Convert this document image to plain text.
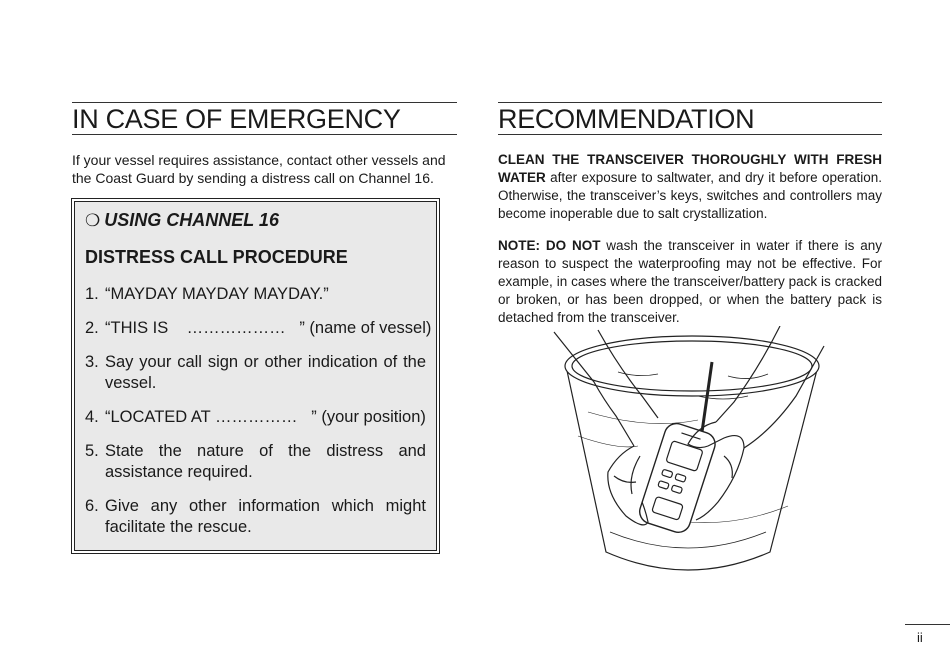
IN CASE OF EMERGENCY

If your vessel requires assistance, contact other vessels and the Coast Guard by sending a distress call on Channel 16.

❍ USING CHANNEL 16

DISTRESS CALL PROCEDURE

1. “MAYDAY MAYDAY MAYDAY.”
2. “THIS IS    ………………   ” (name of vessel)
3. Say your call sign or other indication of the vessel.
4. “LOCATED AT ……………   ” (your position)
5. State the nature of the distress and assistance required.
6. Give any other information which might facilitate the rescue.
RECOMMENDATION

CLEAN THE TRANSCEIVER THOROUGHLY WITH FRESH WATER after exposure to saltwater, and dry it before operation. Otherwise, the transceiver’s keys, switches and controllers may become inoperable due to salt crystallization.

NOTE: DO NOT wash the transceiver in water if there is any reason to suspect the waterproofing may not be effective. For example, in cases where the transceiver/battery pack is cracked or broken, or has been dropped, or when the battery pack is detached from the transceiver.

ii
